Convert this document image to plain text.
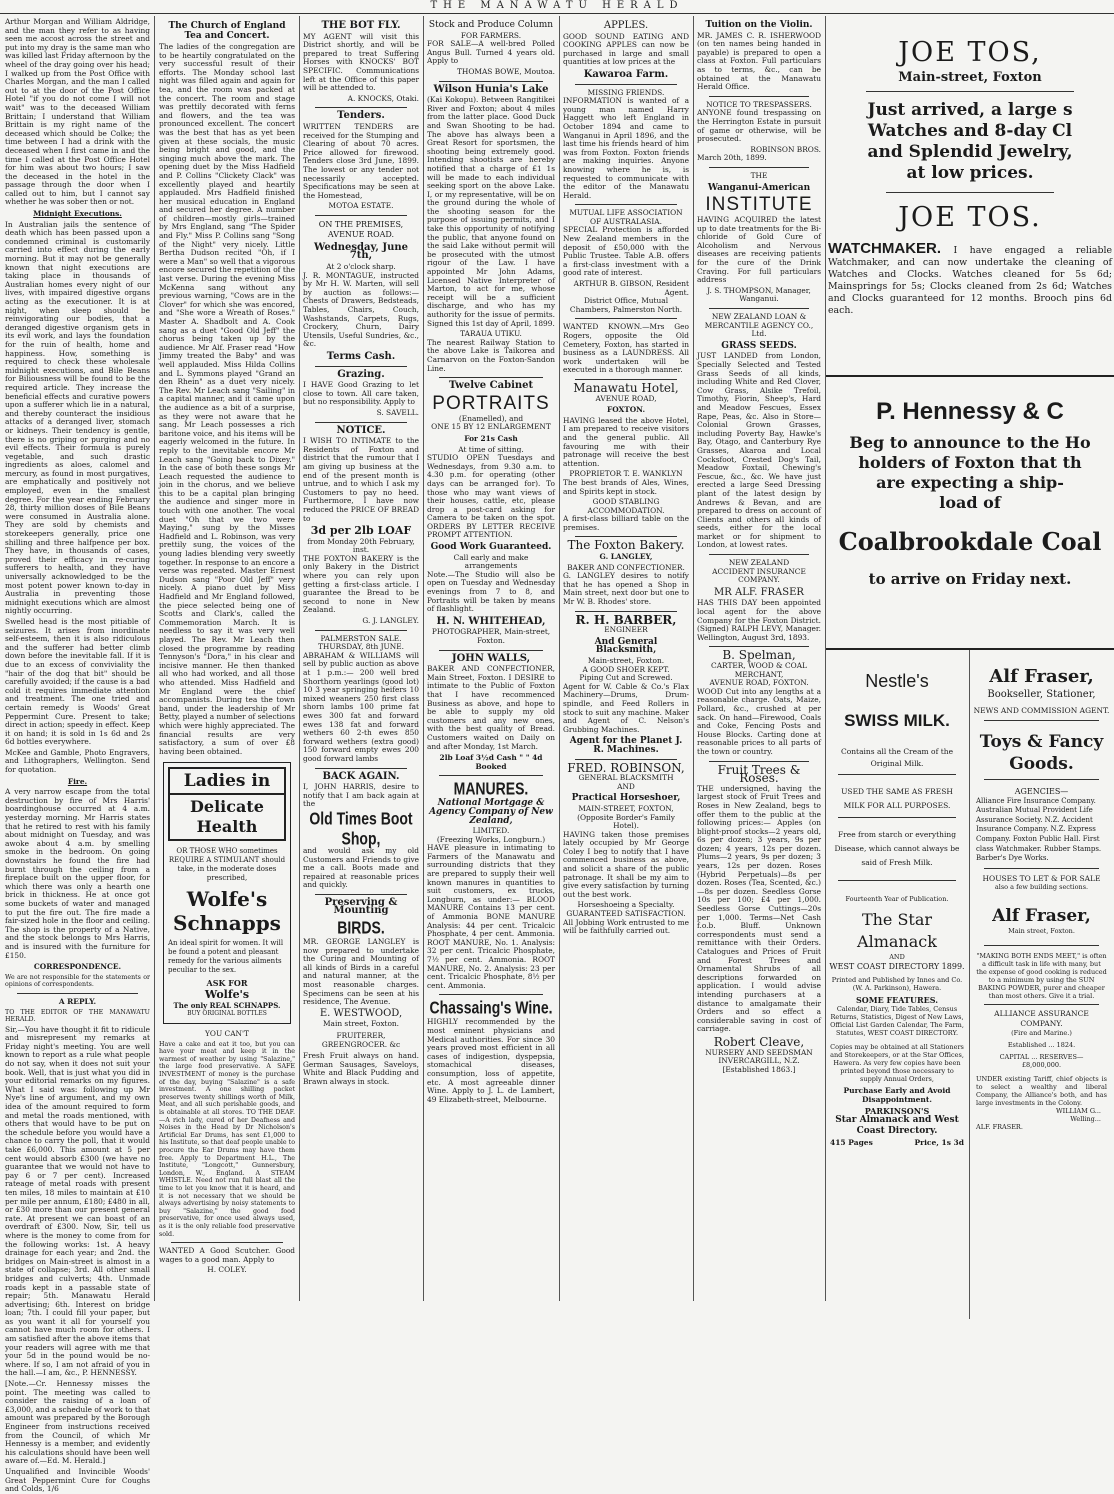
THE MANAWATU HERALD

Arthur Morgan and William Aldridge, and the man they refer to as having seen me accost across the street and put into my dray is the same man who was killed last Friday afternoon by the wheel of the dray going over his head; I walked up from the Post Office with Charles Morgan, and the man I called out to at the door of the Post Office Hotel "if you do not come I will not wait" was to the deceased William Brittain; I understand that William Brittain is my right name of the deceased which should be Colke; the time between I had a drink with the deceased when I first came in and the time I called at the Post Office Hotel for him was about two hours; I saw the deceased in the hotel in the passage through the door when I called out to him, but I cannot say whether he was sober then or not.

Midnight Executions.

In Australian jails the sentence of death which has been passed upon a condemned criminal is customarily carried into effect during the early morning. But it may not be generally known that night executions are taking place in thousands of Australian homes every night of our lives, with impaired digestive organs acting as the executioner. It is at night, when sleep should be reinvigorating our bodies, that a deranged digestive organism gets in its evil work, and lays the foundation for the ruin of health, home and happiness. How, something is required to check these wholesale midnight executions, and Bile Beans for Biliousness will be found to be the required article. They increase the beneficial effects and curative powers upon a sufferer which lie in a natural, and thereby counteract the insidious attacks of a deranged liver, stomach or kidneys. Their tendency is gentle, there is no griping or purging and no evil effects. Their formula is purely vegetable, and such drastic ingredients as aloes, calomel and mercury, as found in most purgatives, are emphatically and positively not employed, even in the smallest degree. For the year ending February 28, thirty million doses of Bile Beans were consumed in Australia alone. They are sold by chemists and storekeepers generally, price one shilling and three halfpence per box. They have, in thousands of cases, proved their efficacy in re-curing sufferers to health, and they have universally acknowledged to be the most potent power known to-day in Australia in preventing those midnight executions which are almost nightly occurring.

Swelled head is the most pitiable of seizures. It arises from inordinate self-esteem, then it is also ridiculous and the sufferer had better climb down before the inevitable fall. If it is due to an excess of conviviality the "hair of the dog that bit" should be carefully avoided; if the cause is a bad cold it requires immediate attention and treatment. The one tried and certain remedy is Woods' Great Peppermint Cure. Present to take; direct in action; speedy in effect. Keep it on hand; it is sold in 1s 6d and 2s 6d bottles everywhere.

McKee and Gamble, Photo Engravers, and Lithographers, Wellington. Send for quotation.

Fire.

A very narrow escape from the total destruction by fire of Mrs Harris' boardinghouse occurred at 4 a.m. yesterday morning. Mr Harris states that he retired to rest with his family about midnight on Tuesday, and was awoke about 4 a.m. by smelling smoke in the bedroom. On going downstairs he found the fire had burnt through the ceiling from a fireplace built on the upper floor, for which there was only a hearth one brick in thickness. He at once got some buckets of water and managed to put the fire out. The fire made a fair-sized hole in the floor and ceiling. The shop is the property of a Native, and the stock belongs to Mrs Harris, and is insured with the furniture for £150.

CORRESPONDENCE.

We are not responsible for the statements or opinions of correspondents.

A REPLY.

TO THE EDITOR OF THE MANAWATU HERALD.

Sir,—You have thought it fit to ridicule and misrepresent my remarks at Friday night's meeting. You are well known to report as a rule what people do not say, when it does not suit your book. Well, that is just what you did in your editorial remarks on my figures. What I said was: following up Mr Nye's line of argument, and my own idea of the amount required to form and metal the roads mentioned, with others that would have to be put on the schedule before you would have a chance to carry the poll, that it would take £6,000. This amount at 5 per cent would absorb £300 (we have no guarantee that we would not have to pay 6 or 7 per cent). Increased rateage of metal roads with present ten miles, 18 miles to maintain at £10 per mile per annum, £180; £480 in all, or £30 more than our present general rate. At present we can boast of an overdraft of £300. Now, Sir, tell us where is the money to come from for the following works: 1st. A heavy drainage for each year; and 2nd. the bridges on Main-street is almost in a state of collapse; 3rd. All other small bridges and culverts; 4th. Unmade roads kept in a passable state of repair; 5th. Manawatu Herald advertising; 6th. Interest on bridge loan; 7th. I could fill your paper, but as you want it all for yourself you cannot have much room for others. I am satisfied after the above items that your readers will agree with me that your 5d in the pound would be no-where. If so, I am not afraid of you in the hall.—I am, &c., P. HENNESSY.

[Note.—Cr. Hennessy misses the point. The meeting was called to consider the raising of a loan of £3,000, and a schedule of work to that amount was prepared by the Borough Engineer from instructions received from the Council, of which Mr Hennessy is a member, and evidently his calculations should have been well aware of.—Ed. M. Herald.]

Unqualified and Invincible Woods' Great Peppermint Cure for Coughs and Colds, 1/6

The Church of England Tea and Concert.

The ladies of the congregation are to be heartily congratulated on the very successful result of their efforts. The Monday school last night was filled again and again for tea, and the room was packed at the concert. The room and stage was prettily decorated with ferns and flowers, and the tea was pronounced excellent. The concert was the best that has as yet been given at these socials, the music being bright and good, and the singing much above the mark. The opening duet by the Miss Hadfield and P. Collins "Clickety Clack" was excellently played and heartily applauded. Mrs Hadfield finished her musical education in England and secured her degree. A number of children—mostly girls—trained by Mrs England, sang "The Spider and Fly." Miss P. Collins sang "Song of the Night" very nicely. Little Bertha Dudson recited "Oh, if I were a Man" so well that a vigorous encore secured the repetition of the last verse. During the evening Miss McKenna sang without any previous warning, "Cows are in the Clover" for which she was encored, and "She wore a Wreath of Roses." Master A. Shadbolt and A. Cook sang as a duet "Good Old Jeff" the chorus being taken up by the audience. Mr Alf. Fraser read "How Jimmy treated the Baby" and was well applauded. Miss Hilda Collins and L. Symmons played "Grand an den Rhein" as a duet very nicely. The Rev. Mr Leach sang "Sailing" in a capital manner, and it came upon the audience as a bit of a surprise, as they were not aware that he sang. Mr Leach possesses a rich baritone voice, and his items will be eagerly welcomed in the future. In reply to the inevitable encore Mr Leach sang "Going back to Dixey." In the case of both these songs Mr Leach requested the audience to join in the chorus, and we believe this to be a capital plan bringing the audience and singer more in touch with one another. The vocal duet "Oh that we two were Maying," sung by the Misses Hadfield and L. Robinson, was very prettily sung, the voices of the young ladies blending very sweetly together. In response to an encore a verse was repeated. Master Ernest Dudson sang "Poor Old Jeff" very nicely. A piano duet by Miss Hadfield and Mr England followed, the piece selected being one of Scotts and Clark's, called the Commemoration March. It is needless to say it was very well played. The Rev. Mr Leach then closed the programme by reading Tennyson's "Dora," in his clear and incisive manner. He then thanked all who had worked, and all those who attended. Miss Hadfield and Mr England were the chief accompanists. During tea the town band, under the leadership of Mr Betty, played a number of selections which were highly appreciated. The financial results are very satisfactory, a sum of over £8 having been obtained.

Ladies in
Delicate Health
OR THOSE WHO sometimes REQUIRE A STIMULANT should take, in the moderate doses prescribed,
Wolfe's
Schnapps
An ideal spirit for women. It will be found a potent and pleasant remedy for the various ailments peculiar to the sex.
ASK FOR
Wolfe's
The only REAL SCHNAPPS.
BUY ORIGINAL BOTTLES
YOU CAN'T

Have a cake and eat it too, but you can have your meat and keep it in the warmest of weather by using "Salazine," the large food preservative. A SAFE INVESTMENT of money is the purchase of the day, buying "Salazine" is a safe investment. A one shilling packet preserves twenty shillings worth of Milk, Meat, and all such perishable goods, and is obtainable at all stores. TO THE DEAF.—A rich lady, cured of her Deafness and Noises in the Head by Dr Nicholson's Artificial Ear Drums, has sent £1,000 to his Institute, so that deaf people unable to procure the Ear Drums may have them free. Apply to Department H.L., The Institute, "Longcott," Gunnersbury, London, W., England. A STEAM WHISTLE. Need not run full blast all the time to let you know that it is heard, and it is not necessary that we should be always advertising by noisy statements to buy "Salazine," the good food preservative, for once used always used, as it is the only reliable food preservative sold.

WANTED A Good Scutcher. Good wages to a good man. Apply to

H. COLEY.
THE BOT FLY.

MY AGENT will visit this District shortly, and will be prepared to treat Suffering Horses with KNOCKS' BOT SPECIFIC. Communications left at the Office of this paper will be attended to.

A. KNOCKS, Otaki.

Tenders.

WRITTEN TENDERS are received for the Stumping and Clearing of about 70 acres. Price allowed for firewood. Tenders close 3rd June, 1899. The lowest or any tender not necessarily accepted. Specifications may be seen at the Homestead,

MOTOA ESTATE.
ON THE PREMISES, AVENUE ROAD.
Wednesday, June 7th,
At 2 o'clock sharp.

J. R. MONTAGUE, instructed by Mr H. W. Marten, will sell by auction as follows:— Chests of Drawers, Bedsteads, Tables, Chairs, Couch, Washstands, Carpets, Rugs, Crockery, Churn, Dairy Utensils, Useful Sundries, &c., &c.

Terms Cash.
Grazing.

I HAVE Good Grazing to let close to town. All care taken, but no responsibility. Apply to

S. SAVELL.
NOTICE.

I WISH TO INTIMATE to the Residents of Foxton and district that the rumour that I am giving up business at the end of the present month is untrue, and to which I ask my Customers to pay no heed. Furthermore, I have now reduced the PRICE OF BREAD to

3d per 2lb LOAF
from Monday 20th February, inst.

THE FOXTON BAKERY is the only Bakery in the District where you can rely upon getting a first-class article. I guarantee the Bread to be second to none in New Zealand.

G. J. LANGLEY.
PALMERSTON SALE.
THURSDAY, 8th JUNE.

ABRAHAM & WILLIAMS will sell by public auction as above at 1 p.m.:— 200 well bred Shorthorn yearlings (good lot) 10 3 year springing heifers 10 mixed weaners 250 first class shorn lambs 100 prime fat ewes 300 fat and forward ewes 138 fat and forward wethers 60 2-th ewes 850 forward wethers (extra good) 150 forward empty ewes 200 good forward lambs

BACK AGAIN.

I, JOHN HARRIS, desire to notify that I am back again at the

Old Times Boot Shop,

and would ask my old Customers and Friends to give me a call. Boots made and repaired at reasonable prices and quickly.

Preserving & Mounting
BIRDS.

MR. GEORGE LANGLEY is now prepared to undertake the Curing and Mounting of all kinds of Birds in a careful and natural manner, at the most reasonable charges. Specimens can be seen at his residence, The Avenue.

E. WESTWOOD,
Main street, Foxton.
FRUITERER, GREENGROCER. &c

Fresh Fruit always on hand. German Sausages, Saveloys, White and Black Pudding and Brawn always in stock.

Stock and Produce Column
FOR FARMERS.

FOR SALE—A well-bred Polled Angus Bull. Turned 4 years old. Apply to

THOMAS BOWE, Moutoa.
Wilson Hunia's Lake

(Kai Kokopu). Between Rangitikei River and Foxton; about 4 miles from the latter place. Good Duck and Swan Shooting to be had. The above has always been a Great Resort for sportsmen, the shooting being extremely good. Intending shootists are hereby notified that a charge of £1 1s will be made to each individual seeking sport on the above Lake. I, or my representative, will be on the ground during the whole of the shooting season for the purpose of issuing permits, and I take this opportunity of notifying the public, that anyone found on the said Lake without permit will be prosecuted with the utmost rigour of the Law. I have appointed Mr John Adams, Licensed Native Interpreter of Marton, to act for me, whose receipt will be a sufficient discharge, and who has my authority for the issue of permits. Signed this 1st day of April, 1899.

TARAUA UTIKU.

The nearest Railway Station to the above Lake is Taikorea and Carnarvon on the Foxton-Sandon Line.

Twelve Cabinet
PORTRAITS
(Enamelled), and
ONE 15 BY 12 ENLARGEMENT
For 21s Cash
At time of sitting.

STUDIO OPEN Tuesdays and Wednesdays, from 9.30 a.m. to 4.30 p.m. for operating (other days can be arranged for). To those who may want views of their houses, cattle, etc, please drop a post-card asking for Camera to be taken on the spot. ORDERS BY LETTER RECEIVE PROMPT ATTENTION.

Good Work Guaranteed.
Call early and make arrangements

Note.—The Studio will also be open on Tuesday and Wednesday evenings from 7 to 8, and Portraits will be taken by means of flashlight.

H. N. WHITEHEAD,
PHOTOGRAPHER, Main-street, Foxton.
JOHN WALLS,

BAKER AND CONFECTIONER, Main Street, Foxton. I DESIRE to intimate to the Public of Foxton that I have recommenced Business as above, and hope to be able to supply my old customers and any new ones, with the best quality of Bread. Customers waited on Daily on and after Monday, 1st March.

2lb Loaf 3½d Cash " " 4d Booked
MANURES.
National Mortgage & Agency Company of New Zealand,
LIMITED.
(Freezing Works, Longburn.)

HAVE pleasure in intimating to Farmers of the Manawatu and surrounding districts that they are prepared to supply their well known manures in quantities to suit customers, ex trucks, Longburn, as under:— BLOOD MANURE Contains 13 per cent. of Ammonia BONE MANURE Analysis: 44 per cent. Tricalcic Phosphate, 4 per cent. Ammonia. ROOT MANURE, No. 1. Analysis: 32 per cent. Tricalcic Phosphate, 7½ per cent. Ammonia. ROOT MANURE, No. 2. Analysis: 23 per cent. Tricalcic Phosphate, 8½ per cent. Ammonia.

Chassaing's Wine.

HIGHLY recommended by the most eminent physicians and Medical authorities. For since 30 years proved most efficient in all cases of indigestion, dyspepsia, stomachical diseases, consumption, loss of appetite, etc. A most agreeable dinner Wine. Apply to J. L. de Lambert, 49 Elizabeth-street, Melbourne.

APPLES.

GOOD SOUND EATING AND COOKING APPLES can now be purchased in large and small quantities at low prices at the

Kawaroa Farm.
MISSING FRIENDS.

INFORMATION is wanted of a young man named Harry Haggett who left England in October 1894 and came to Wanganui in April 1896, and the last time his friends heard of him was from Foxton. Foxton friends are making inquiries. Anyone knowing where he is, is requested to communicate with the editor of the Manawatu Herald.

MUTUAL LIFE ASSOCIATION OF AUSTRALASIA.

SPECIAL Protection is afforded New Zealand members in the deposit of £50,000 with the Public Trustee. Table A.B. offers a first-class investment with a good rate of interest.

ARTHUR B. GIBSON, Resident Agent.
District Office, Mutual Chambers, Palmerston North.

WANTED KNOWN.—Mrs Geo Rogers, opposite the Old Cemetery, Foxton, has started in business as a LAUNDRESS. All work undertaken will be executed in a thorough manner.

Manawatu Hotel,
AVENUE ROAD,
FOXTON.

HAVING leased the above Hotel, I am prepared to receive visitors and the general public. All favouring me with their patronage will receive the best attention.

PROPRIETOR T. E. WANKLYN

The best brands of Ales, Wines, and Spirits kept in stock.

GOOD STABLING ACCOMMODATION.

A first-class billiard table on the premises.

The Foxton Bakery.
G. LANGLEY,
BAKER AND CONFECTIONER.

G. LANGLEY desires to notify that he has opened a Shop in Main street, next door but one to Mr W. B. Rhodes' store.

R. H. BARBER,
ENGINEER
And General Blacksmith,
Main-street, Foxton.
A GOOD SHOER KEPT.
Piping Cut and Screwed.

Agent for W. Cable & Co.'s Flax Machinery—Drums, Drum-spindle, and Feed Rollers in stock to suit any machine. Maker and Agent of C. Nelson's Grubbing Machines.

Agent for the Planet J. R. Machines.
FRED. ROBINSON,
GENERAL BLACKSMITH
AND
Practical Horseshoer,
MAIN-STREET, FOXTON, (Opposite Border's Family Hotel).

HAVING taken those premises lately occupied by Mr George Coley I beg to notify that I have commenced business as above, and solicit a share of the public patronage. It shall be my aim to give every satisfaction by turning out the best work.

Horseshoeing a Specialty.
GUARANTEED SATISFACTION.

All Jobbing Work entrusted to me will be faithfully carried out.

Tuition on the Violin.

MR. JAMES C. R. ISHERWOOD (on ten names being handed in payable) is prepared to open a class at Foxton. Full particulars as to terms, &c., can be obtained at the Manawatu Herald Office.

NOTICE TO TRESPASSERS.

ANYONE found trespassing on the Herrington Estate in pursuit of game or otherwise, will be prosecuted.

ROBINSON BROS.
March 20th, 1899.
THE
Wanganui-American
INSTITUTE

HAVING ACQUIRED the latest up to date treatments for the Bi-chloride of Gold Cure of Alcoholism and Nervous diseases are receiving patients for the cure of the Drink Craving. For full particulars address

J. S. THOMPSON, Manager, Wanganui.
NEW ZEALAND LOAN & MERCANTILE AGENCY CO., Ltd.
GRASS SEEDS.

JUST LANDED from London, Specially Selected and Tested Grass Seeds of all kinds, including White and Red Clover, Cow Grass, Alsike Trefoil, Timothy, Fiorin, Sheep's, Hard and Meadow Fescues, Essex Rape, Peas, &c. Also in Store—Colonial Grown Grasses, including Poverty Bay, Hawke's Bay, Otago, and Canterbury Rye Grasses, Akaroa and Local Cocksfoot, Crested Dog's Tail, Meadow Foxtail, Chewing's Fescue, &c., &c. We have just erected a large Seed Dressing plant of the latest design by Andrews & Bevan, and are prepared to dress on account of Clients and others all kinds of seeds, either for the local market or for shipment to London, at lowest rates.

NEW ZEALAND
ACCIDENT INSURANCE COMPANY.
MR ALF. FRASER

HAS THIS DAY been appointed local agent for the above Company for the Foxton District. (Signed) RALPH LEVY, Manager. Wellington, August 3rd, 1893.

B. Spelman,
CARTER, WOOD & COAL MERCHANT,
AVENUE ROAD, FOXTON.

WOOD Cut into any lengths at a reasonable charge. Oats, Maize, Pollard, &c., crushed at per sack. On hand—Firewood, Coals and Coke, Fencing Posts and House Blocks. Carting done at reasonable prices to all parts of the town or country.

Fruit Trees & Roses.

THE undersigned, having the largest stock of Fruit Trees and Roses in New Zealand, begs to offer them to the public at the following prices:— Apples (on blight-proof stocks—2 years old, 6s per dozen; 3 years, 9s per dozen; 4 years, 12s per dozen. Plums—2 years, 9s per dozen; 3 years, 12s per dozen. Roses (Hybrid Perpetuals)—8s per dozen. Roses (Tea, Scented, &c.)—8s per dozen. Seedless Gorse 10s per 100; £4 per 1,000. Seedless Gorse Cuttings—20s per 1,000. Terms—Net Cash f.o.b. Bluff. Unknown correspondents must send a remittance with their Orders. Catalogues and Prices of Fruit and Forest Trees and Ornamental Shrubs of all descriptions forwarded on application. I would advise intending purchasers at a distance to amalgamate their Orders and so effect a considerable saving in cost of carriage.

Robert Cleave,
NURSERY AND SEEDSMAN
INVERCARGILL, N.Z.
[Established 1863.]
JOE TOS,
Main-street, Foxton
Just arrived, a large s
Watches and 8-day Cl
and Splendid Jewelry,
at low prices.
JOE TOS.
WATCHMAKER. I have engaged a reliable Watchmaker, and can now undertake the cleaning of Watches and Clocks. Watches cleaned for 5s 6d; Mainsprings for 5s; Clocks cleaned from 2s 6d; Watches and Clocks guaranteed for 12 months. Brooch pins 6d each.
P. Hennessy & C
Beg to announce to the Ho
holders of Foxton that th
are expecting a ship-
load of
Coalbrookdale Coal
to arrive on Friday next.
Nestle's
SWISS MILK.
Contains all the Cream of the Original Milk.
USED THE SAME AS FRESH MILK FOR ALL PURPOSES.
Free from starch or everything Disease, which cannot always be said of Fresh Milk.
Fourteenth Year of Publication.
The Star Almanack
AND
WEST COAST DIRECTORY 1899.
Printed and Published by Innes and Co. (W. A. Parkinson), Hawera.
SOME FEATURES.
Calendar, Diary, Tide Tables, Census Returns, Statistics, Digest of New Laws, Official List Garden Calendar, The Farm, Statutes, WEST COAST DIRECTORY.
Copies may be obtained at all Stationers and Storekeepers, or at the Star Offices, Hawera. As very few copies have been printed beyond those necessary to supply Annual Orders,
Purchase Early and Avoid Disappointment.
PARKINSON'S
Star Almanack and West Coast Directory.
415 Pages	Price, 1s 3d
Alf Fraser,
Bookseller, Stationer,
NEWS AND COMMISSION AGENT.
Toys & Fancy Goods.
AGENCIES—
Alliance Fire Insurance Company. Australian Mutual Provident Life Assurance Society. N.Z. Accident Insurance Company. N.Z. Express Company. Foxton Public Hall. First class Watchmaker. Rubber Stamps. Barber's Dye Works.
HOUSES TO LET & FOR SALE
also a few building sections.
Alf Fraser,
Main street, Foxton.
"MAKING BOTH ENDS MEET," is often a difficult task in life with many, but the expense of good cooking is reduced to a minimum by using the SUN BAKING POWDER, purer and cheaper than most others. Give it a trial.
ALLIANCE ASSURANCE COMPANY.
(Fire and Marine.)
Established ... 1824.
CAPITAL ... RESERVES—
£8,000,000.
UNDER existing Tariff, chief objects is to select a wealthy and liberal Company, the Alliance's both, and has large investments in the Colony.
WILLIAM G...
Welling...
ALF. FRASER.
